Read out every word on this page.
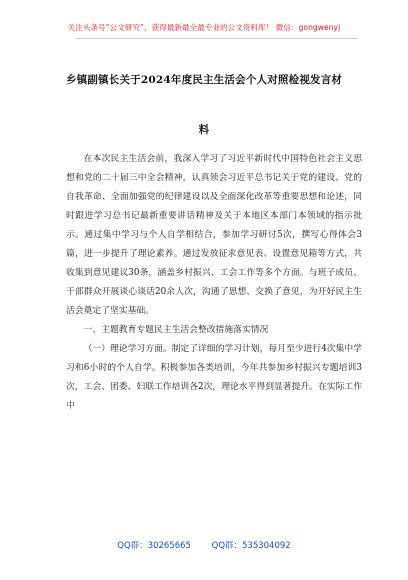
关注头条号“公文研究”，获得最新最全最专业的公文资料库！ 微信：gongwenyj
乡镇副镇长关于2024年度民主生活会个人对照检视发言材
料

在本次民主生活会前，我深入学习了习近平新时代中国特色社会主义思想和党的二十届三中全会精神，认真领会习近平总书记关于党的建设、党的自我革命、全面加强党的纪律建设以及全面深化改革等重要思想和论述，同时跟进学习总书记最新重要讲话精神及关于本地区本部门本领域的指示批示。通过集中学习与个人自学相结合，参加学习研讨5次，撰写心得体会3篇，进一步提升了理论素养。通过发放征求意见表、设置意见箱等方式，共收集到意见建议30条，涵盖乡村振兴、工会工作等多个方面。与班子成员、干部群众开展谈心谈话20余人次，沟通了思想、交换了意见，为开好民主生活会奠定了坚实基础。

一、主题教育专题民主生活会整改措施落实情况

（一）理论学习方面。制定了详细的学习计划，每月至少进行4次集中学习和6小时的个人自学。积极参加各类培训，今年共参加乡村振兴专题培训3次，工会、团委、妇联工作培训各2次，理论水平得到显著提升。在实际工作中

QQ群：30265665 QQ群：535304092
